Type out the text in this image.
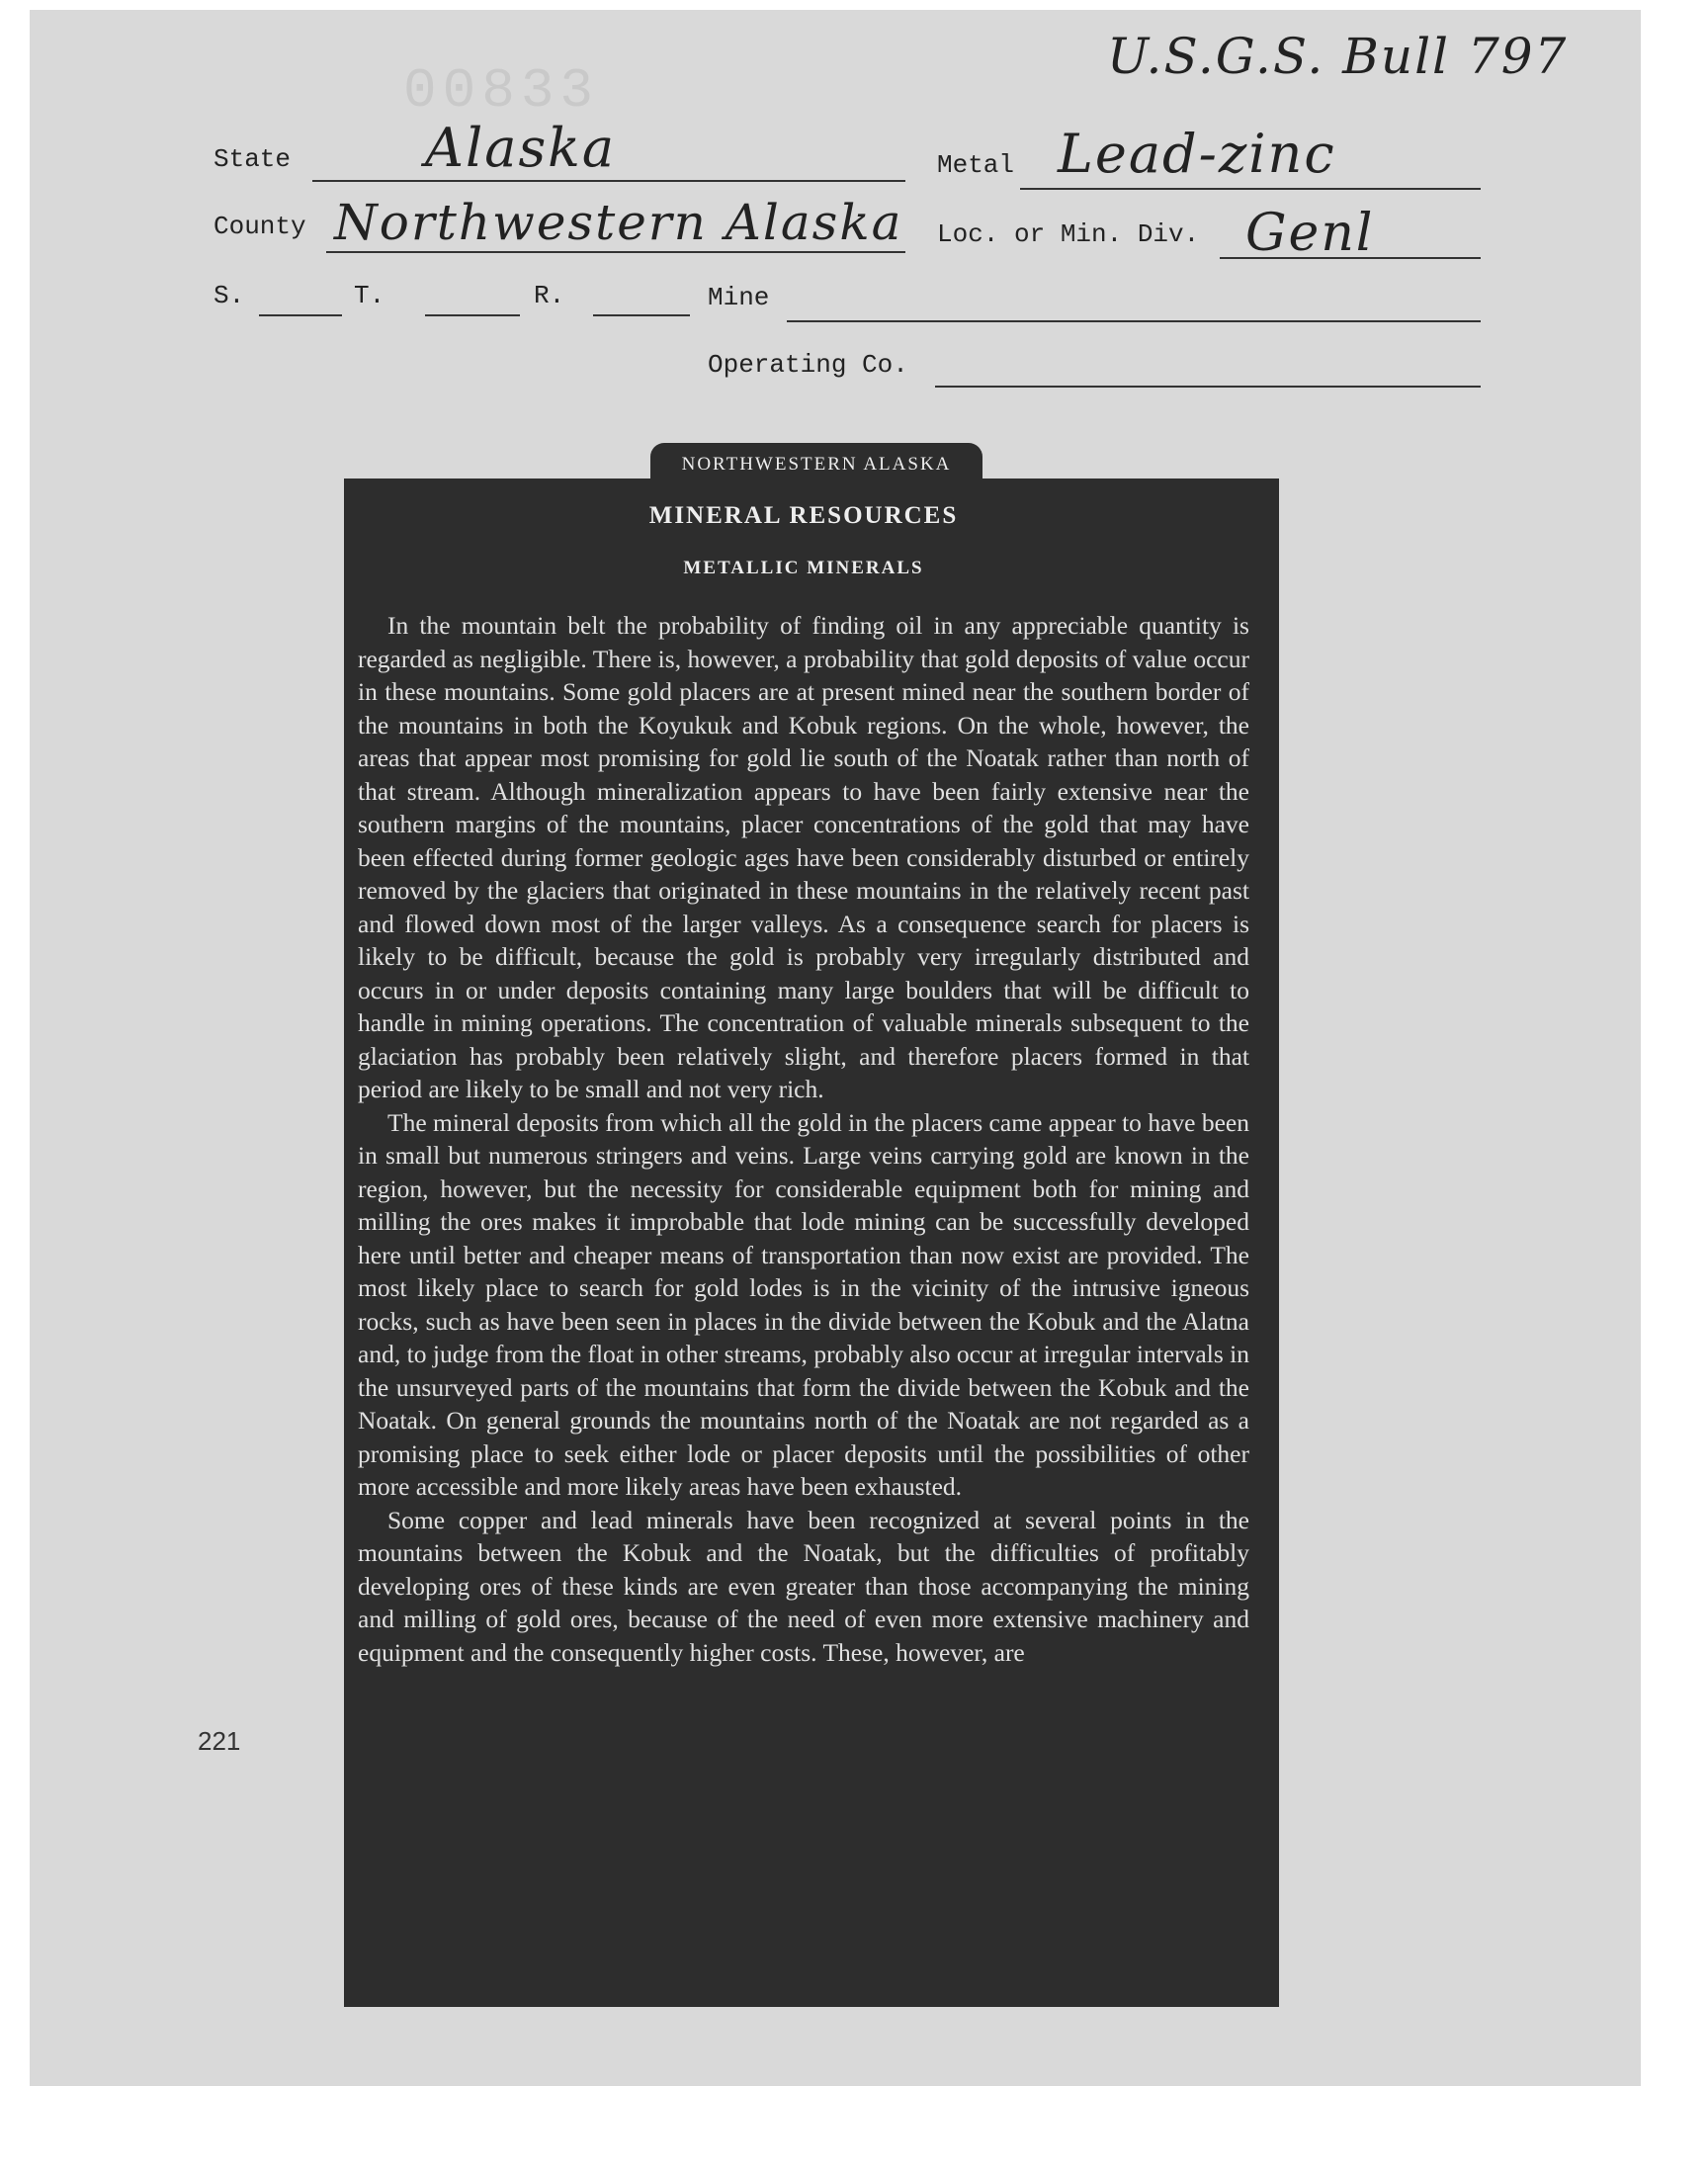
00833
U.S.G.S. Bull 797
State	Alaska	Metal Lead-zinc
County Northwestern Alaska Loc. or Min. Div. Genl
S.	T.	R.	Mine
Operating Co.
NORTHWESTERN ALASKA
MINERAL RESOURCES
METALLIC MINERALS

In the mountain belt the probability of finding oil in any appreciable quantity is regarded as negligible. There is, however, a probability that gold deposits of value occur in these mountains. Some gold placers are at present mined near the southern border of the mountains in both the Koyukuk and Kobuk regions. On the whole, however, the areas that appear most promising for gold lie south of the Noatak rather than north of that stream. Although mineralization appears to have been fairly extensive near the southern margins of the mountains, placer concentrations of the gold that may have been effected during former geologic ages have been considerably disturbed or entirely removed by the glaciers that originated in these mountains in the relatively recent past and flowed down most of the larger valleys. As a consequence search for placers is likely to be difficult, because the gold is probably very irregularly distributed and occurs in or under deposits containing many large boulders that will be difficult to handle in mining operations. The concentration of valuable minerals subsequent to the glaciation has probably been relatively slight, and therefore placers formed in that period are likely to be small and not very rich.

The mineral deposits from which all the gold in the placers came appear to have been in small but numerous stringers and veins. Large veins carrying gold are known in the region, however, but the necessity for considerable equipment both for mining and milling the ores makes it improbable that lode mining can be successfully developed here until better and cheaper means of transportation than now exist are provided. The most likely place to search for gold lodes is in the vicinity of the intrusive igneous rocks, such as have been seen in places in the divide between the Kobuk and the Alatna and, to judge from the float in other streams, probably also occur at irregular intervals in the unsurveyed parts of the mountains that form the divide between the Kobuk and the Noatak. On general grounds the mountains north of the Noatak are not regarded as a promising place to seek either lode or placer deposits until the possibilities of other more accessible and more likely areas have been exhausted.

Some copper and lead minerals have been recognized at several points in the mountains between the Kobuk and the Noatak, but the difficulties of profitably developing ores of these kinds are even greater than those accompanying the mining and milling of gold ores, because of the need of even more extensive machinery and equipment and the consequently higher costs. These, however, are

221
